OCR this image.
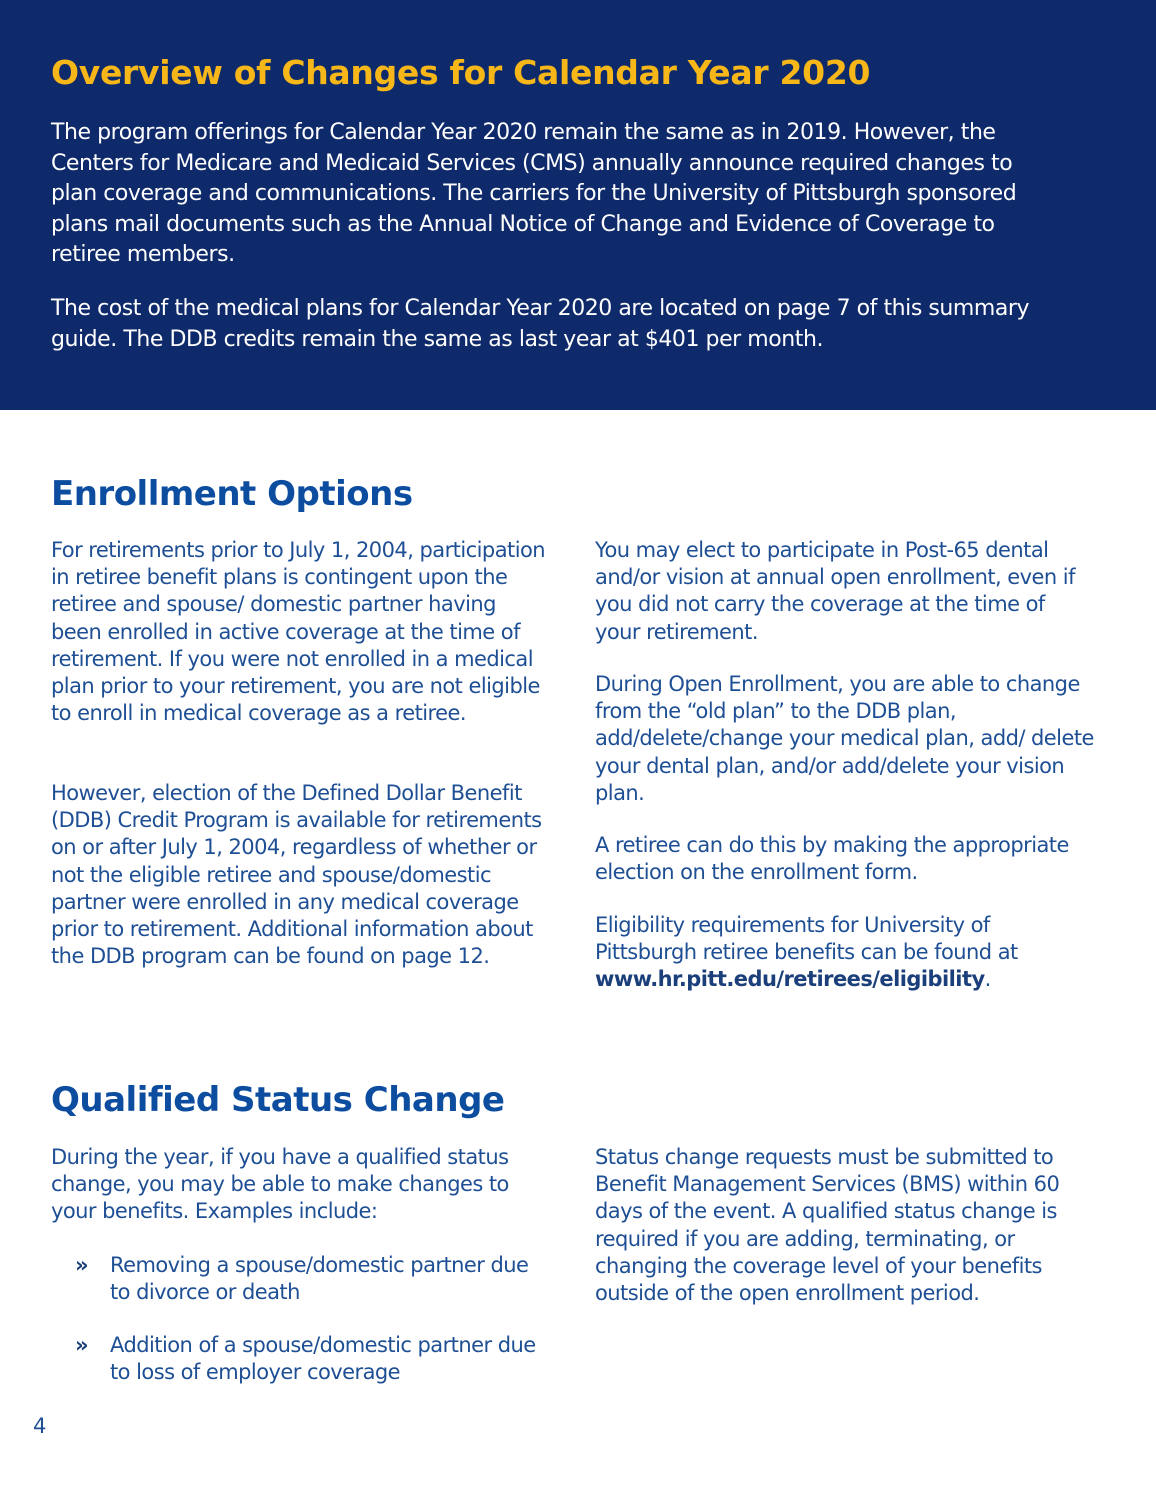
Overview of Changes for Calendar Year 2020

The program offerings for Calendar Year 2020 remain the same as in 2019. However, the Centers for Medicare and Medicaid Services (CMS) annually announce required changes to plan coverage and communications. The carriers for the University of Pittsburgh sponsored plans mail documents such as the Annual Notice of Change and Evidence of Coverage to retiree members.

The cost of the medical plans for Calendar Year 2020 are located on page 7 of this summary guide. The DDB credits remain the same as last year at $401 per month.

Enrollment Options

For retirements prior to July 1, 2004, participation in retiree benefit plans is contingent upon the retiree and spouse/ domestic partner having been enrolled in active coverage at the time of retirement. If you were not enrolled in a medical plan prior to your retirement, you are not eligible to enroll in medical coverage as a retiree.

However, election of the Defined Dollar Benefit (DDB) Credit Program is available for retirements on or after July 1, 2004, regardless of whether or not the eligible retiree and spouse/domestic partner were enrolled in any medical coverage prior to retirement. Additional information about the DDB program can be found on page 12.

You may elect to participate in Post-65 dental and/or vision at annual open enrollment, even if you did not carry the coverage at the time of your retirement.

During Open Enrollment, you are able to change from the “old plan” to the DDB plan, add/delete/change your medical plan, add/ delete your dental plan, and/or add/delete your vision plan.

A retiree can do this by making the appropriate election on the enrollment form.

Eligibility requirements for University of Pittsburgh retiree benefits can be found at www.hr.pitt.edu/retirees/eligibility.

Qualified Status Change

During the year, if you have a qualified status change, you may be able to make changes to your benefits. Examples include:

» Removing a spouse/domestic partner due to divorce or death

» Addition of a spouse/domestic partner due to loss of employer coverage

Status change requests must be submitted to Benefit Management Services (BMS) within 60 days of the event. A qualified status change is required if you are adding, terminating, or changing the coverage level of your benefits outside of the open enrollment period.

4
